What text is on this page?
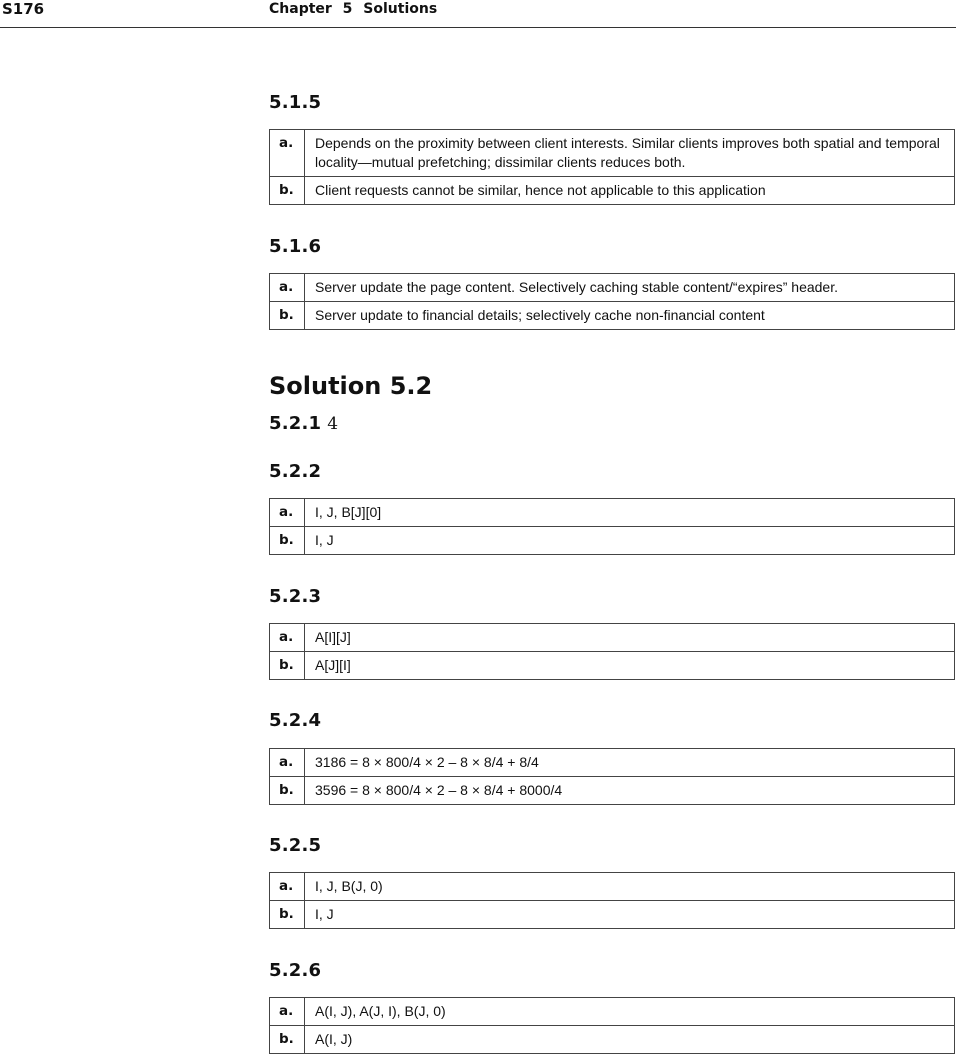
S176	Chapter 5 Solutions
5.1.5
a.	Depends on the proximity between client interests. Similar clients improves both spatial and temporal locality—mutual prefetching; dissimilar clients reduces both.
b.	Client requests cannot be similar, hence not applicable to this application
5.1.6
a.	Server update the page content. Selectively caching stable content/“expires” header.
b.	Server update to financial details; selectively cache non-financial content
Solution 5.2
5.2.1 4
5.2.2
a.	I, J, B[J][0]
b.	I, J
5.2.3
a.	A[I][J]
b.	A[J][I]
5.2.4
a.	3186 = 8 × 800/4 × 2 – 8 × 8/4 + 8/4
b.	3596 = 8 × 800/4 × 2 – 8 × 8/4 + 8000/4
5.2.5
a.	I, J, B(J, 0)
b.	I, J
5.2.6
a.	A(I, J), A(J, I), B(J, 0)
b.	A(I, J)
